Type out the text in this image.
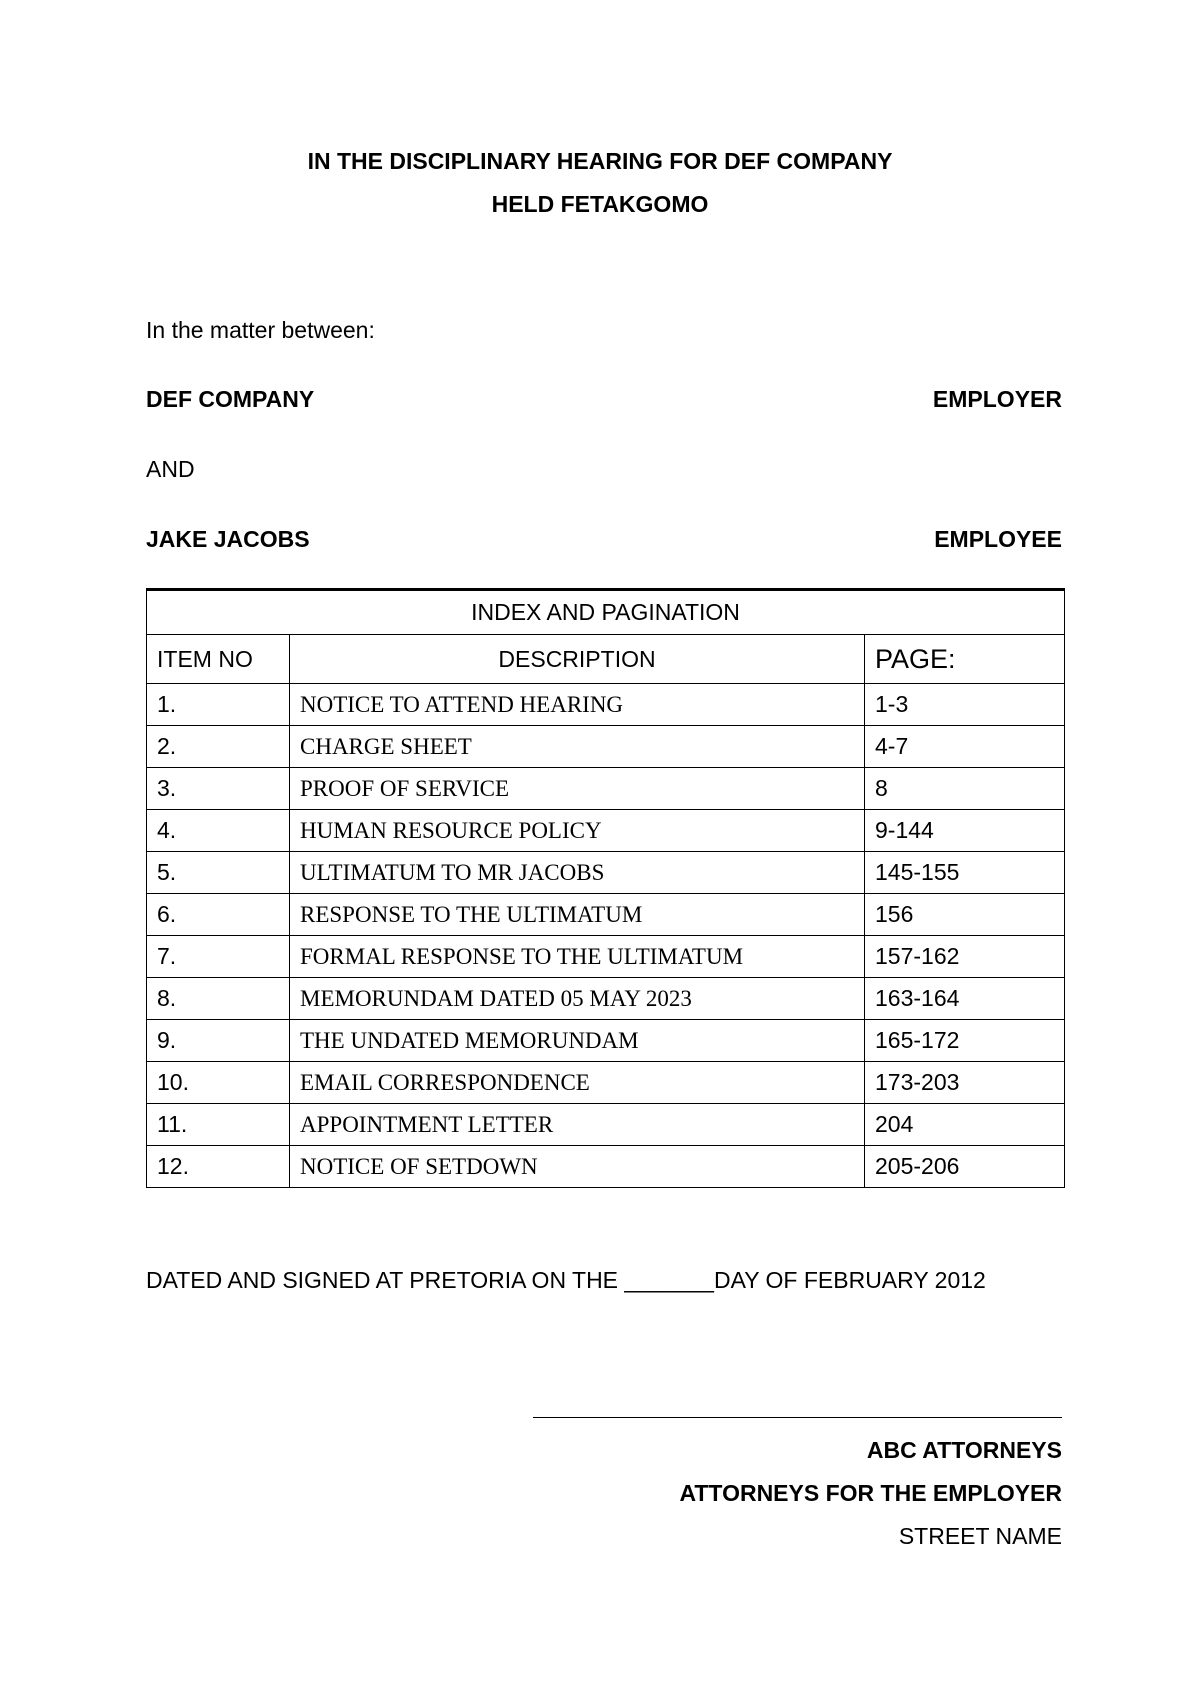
IN THE DISCIPLINARY HEARING FOR DEF COMPANY
HELD FETAKGOMO
In the matter between:
DEF COMPANY	EMPLOYER
AND
JAKE JACOBS	EMPLOYEE
INDEX AND PAGINATION		
ITEM NO	DESCRIPTION	PAGE:
1.	NOTICE TO ATTEND HEARING	1-3
2.	CHARGE SHEET	4-7
3.	PROOF OF SERVICE	8
4.	HUMAN RESOURCE POLICY	9-144
5.	ULTIMATUM TO MR JACOBS	145-155
6.	RESPONSE TO THE ULTIMATUM	156
7.	FORMAL RESPONSE TO THE ULTIMATUM	157-162
8.	MEMORUNDAM DATED 05 MAY 2023	163-164
9.	THE UNDATED MEMORUNDAM	165-172
10.	EMAIL CORRESPONDENCE	173-203
11.	APPOINTMENT LETTER	204
12.	NOTICE OF SETDOWN	205-206
DATED AND SIGNED AT PRETORIA ON THE _______DAY OF FEBRUARY 2012
ABC ATTORNEYS
ATTORNEYS FOR THE EMPLOYER
STREET NAME
